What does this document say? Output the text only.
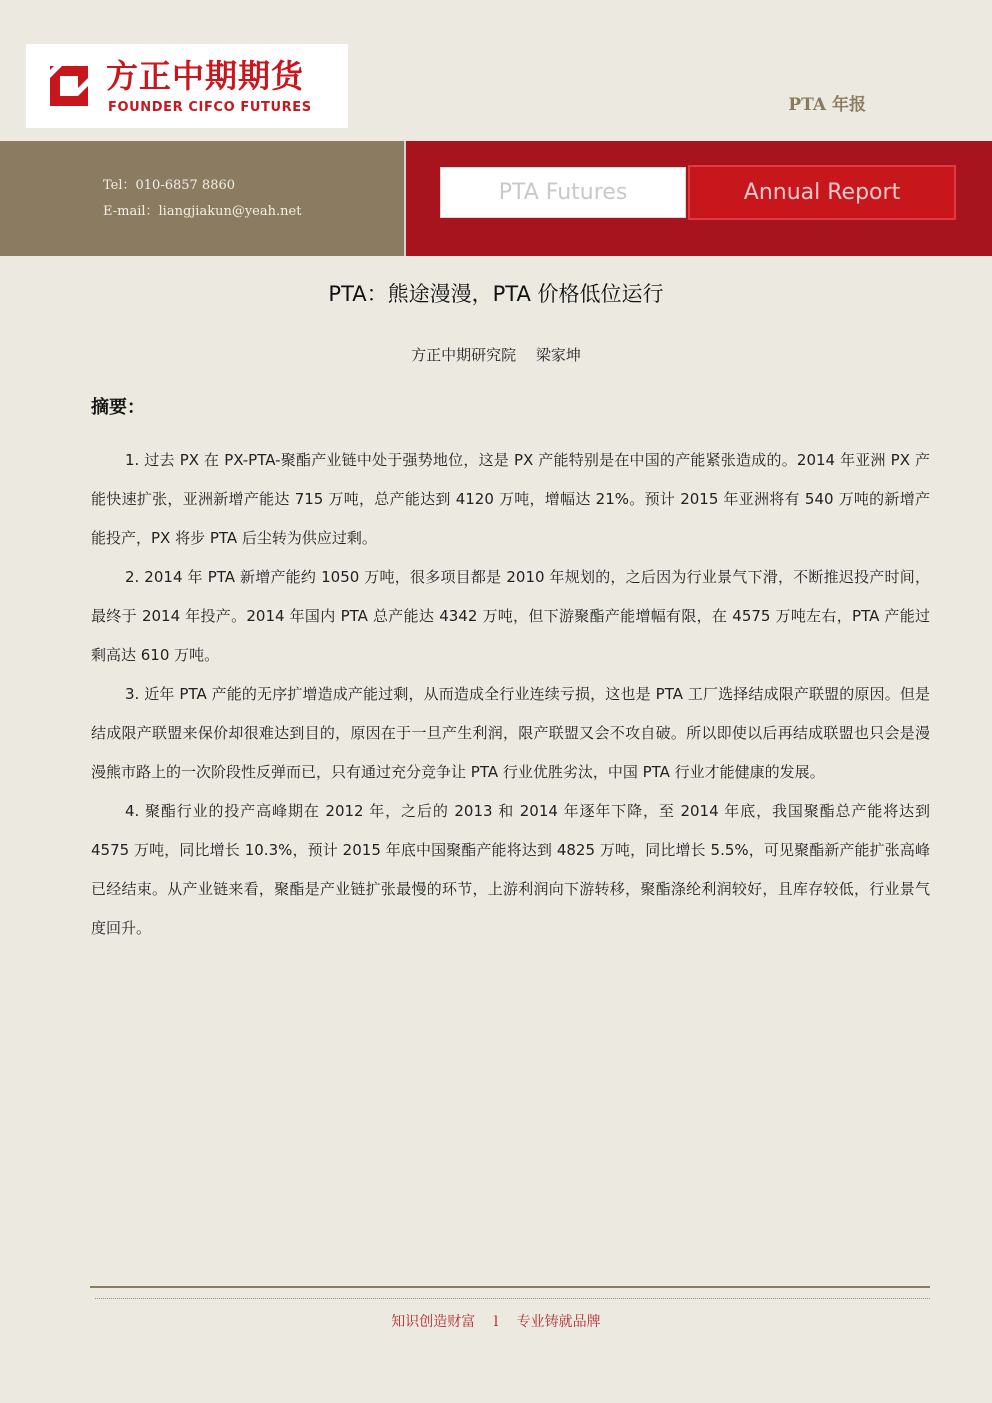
方正中期期货
FOUNDER CIFCO FUTURES	PTA 年报
Tel：010-6857 8860
E-mail：liangjiakun@yeah.net
PTA Futures	Annual Report
PTA：熊途漫漫，PTA 价格低位运行
方正中期研究院　 梁家坤
摘要：

1. 过去 PX 在 PX-PTA-聚酯产业链中处于强势地位，这是 PX 产能特别是在中国的产能紧张造成的。2014 年亚洲 PX 产能快速扩张，亚洲新增产能达 715 万吨，总产能达到 4120 万吨，增幅达 21%。预计 2015 年亚洲将有 540 万吨的新增产能投产，PX 将步 PTA 后尘转为供应过剩。

2. 2014 年 PTA 新增产能约 1050 万吨，很多项目都是 2010 年规划的，之后因为行业景气下滑，不断推迟投产时间，最终于 2014 年投产。2014 年国内 PTA 总产能达 4342 万吨，但下游聚酯产能增幅有限，在 4575 万吨左右，PTA 产能过剩高达 610 万吨。

3. 近年 PTA 产能的无序扩增造成产能过剩，从而造成全行业连续亏损，这也是 PTA 工厂选择结成限产联盟的原因。但是结成限产联盟来保价却很难达到目的，原因在于一旦产生利润，限产联盟又会不攻自破。所以即使以后再结成联盟也只会是漫漫熊市路上的一次阶段性反弹而已，只有通过充分竞争让 PTA 行业优胜劣汰，中国 PTA 行业才能健康的发展。

4. 聚酯行业的投产高峰期在 2012 年，之后的 2013 和 2014 年逐年下降，至 2014 年底，我国聚酯总产能将达到 4575 万吨，同比增长 10.3%，预计 2015 年底中国聚酯产能将达到 4825 万吨，同比增长 5.5%，可见聚酯新产能扩张高峰已经结束。从产业链来看，聚酯是产业链扩张最慢的环节，上游利润向下游转移，聚酯涤纶利润较好，且库存较低，行业景气度回升。

知识创造财富　 l　 专业铸就品牌
